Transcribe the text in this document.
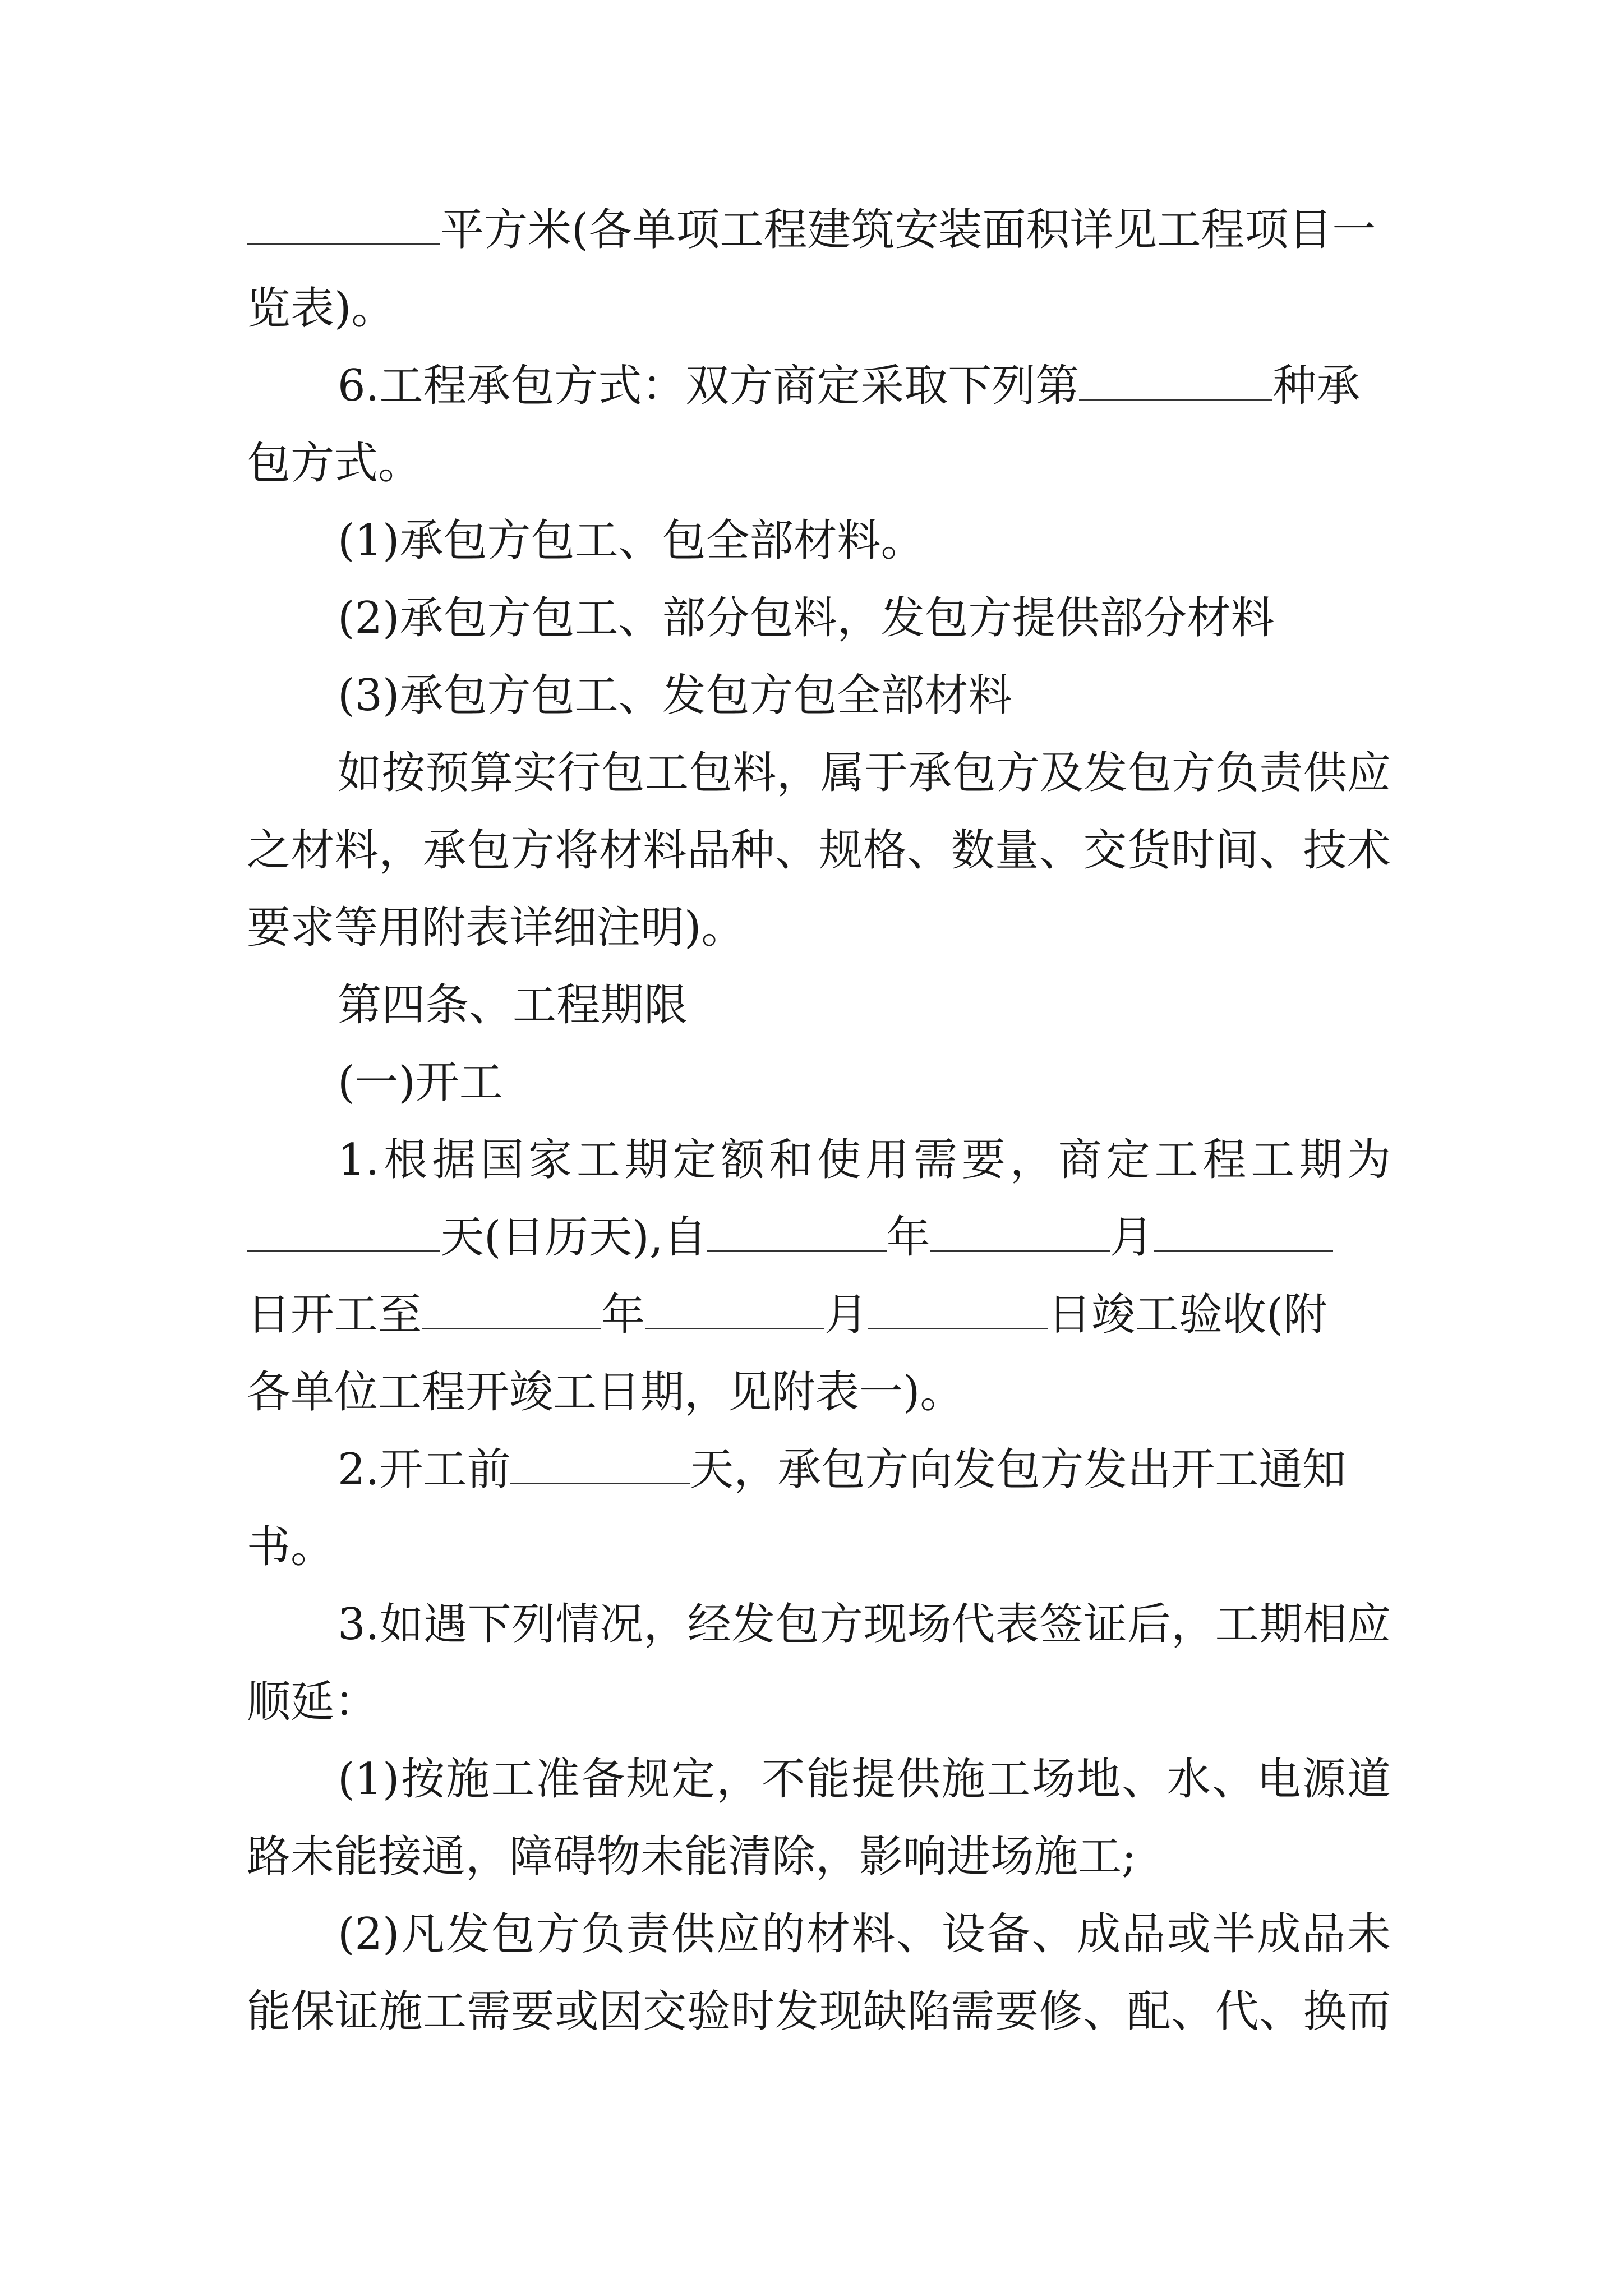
平方米(各单项工程建筑安装面积详见工程项目一
览表)。
6.工程承包方式：双方商定采取下列第	种承
包方式。
(1)承包方包工、包全部材料。
(2)承包方包工、部分包料，发包方提供部分材料
(3)承包方包工、发包方包全部材料
如按预算实行包工包料，属于承包方及发包方负责供应
之材料，承包方将材料品种、规格、数量、交货时间、技术
要求等用附表详细注明)。
第四条、工程期限
(一)开工
1.根据国家工期定额和使用需要，商定工程工期为
天(日历天),自	年	月
日开工至	年	月	日竣工验收(附
各单位工程开竣工日期，见附表一)。
2.开工前	天，承包方向发包方发出开工通知
书。
3.如遇下列情况，经发包方现场代表签证后，工期相应
顺延：
(1)按施工准备规定，不能提供施工场地、水、电源道
路未能接通，障碍物未能清除，影响进场施工;
(2)凡发包方负责供应的材料、设备、成品或半成品未
能保证施工需要或因交验时发现缺陷需要修、配、代、换而
